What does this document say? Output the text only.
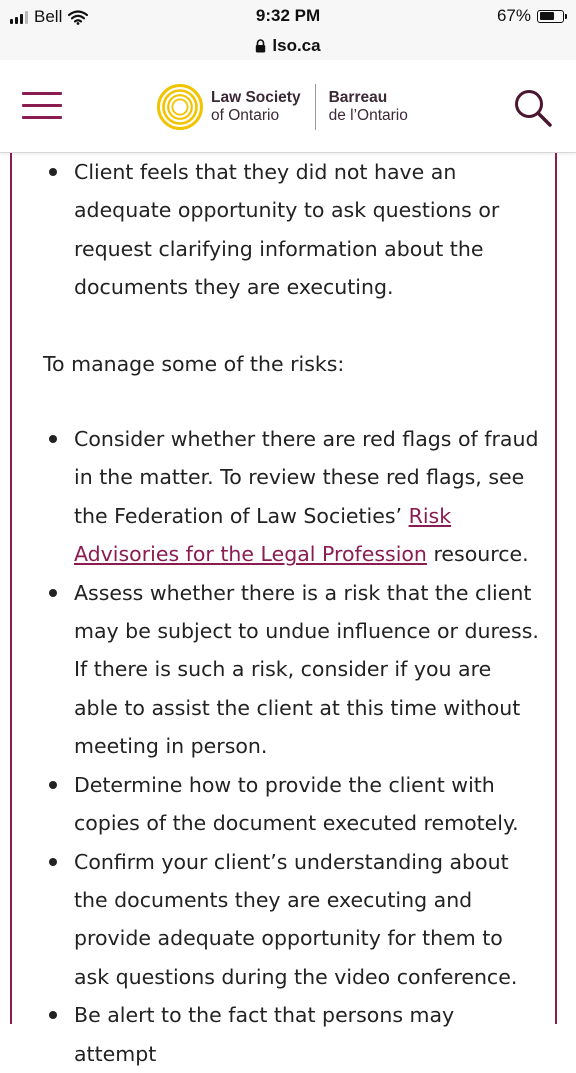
Bell	9:32 PM	67%
lso.ca
Law Society
of Ontario
Barreau
de l’Ontario
Client feels that they did not have an adequate opportunity to ask questions or request clarifying information about the documents they are executing.

To manage some of the risks:

Consider whether there are red flags of fraud in the matter. To review these red flags, see the Federation of Law Societies’ Risk Advisories for the Legal Profession resource.
Assess whether there is a risk that the client may be subject to undue influence or duress. If there is such a risk, consider if you are able to assist the client at this time without meeting in person.
Determine how to provide the client with copies of the document executed remotely.
Confirm your client’s understanding about the documents they are executing and provide adequate opportunity for them to ask questions during the video conference.
Be alert to the fact that persons may attempt
